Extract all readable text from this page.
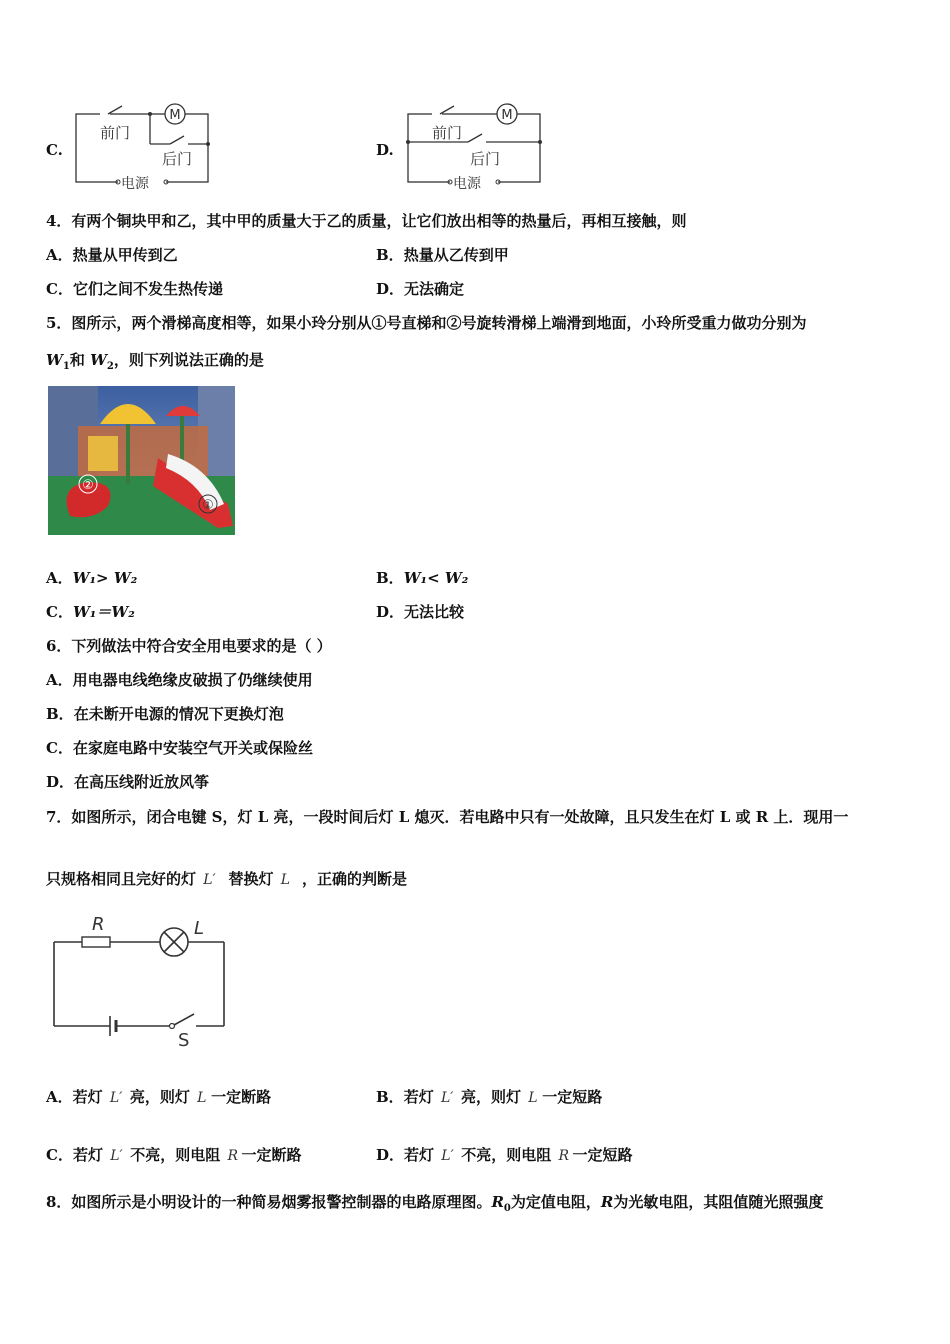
C.
M
前门
后门
电源
D.
M
前门
后门
电源
4．有两个铜块甲和乙，其中甲的质量大于乙的质量，让它们放出相等的热量后，再相互接触，则
A．热量从甲传到乙	B．热量从乙传到甲
C．它们之间不发生热传递	D．无法确定
5．图所示，两个滑梯高度相等，如果小玲分别从①号直梯和②号旋转滑梯上端滑到地面，小玲所受重力做功分别为
$W_1$和 $W_2$，则下列说法正确的是
②
①
A．W₁> W₂	B．W₁< W₂
C．W₁＝W₂	D．无法比较
6．下列做法中符合安全用电要求的是（ ）
A．用电器电线绝缘皮破损了仍继续使用
B．在未断开电源的情况下更换灯泡
C．在家庭电路中安装空气开关或保险丝
D．在高压线附近放风筝
7．如图所示，闭合电键 S，灯 L 亮，一段时间后灯 L 熄灭．若电路中只有一处故障，且只发生在灯 L 或 R 上．现用一
只规格相同且完好的灯 L′ 替换灯 L ，正确的判断是
R	L
S
A．若灯 L′ 亮，则灯 L 一定断路	B．若灯 L′ 亮，则灯 L 一定短路
C．若灯 L′ 不亮，则电阻 R 一定断路	D．若灯 L′ 不亮，则电阻 R 一定短路
8．如图所示是小明设计的一种简易烟雾报警控制器的电路原理图。$R_0$为定值电阻，R为光敏电阻，其阻值随光照强度
